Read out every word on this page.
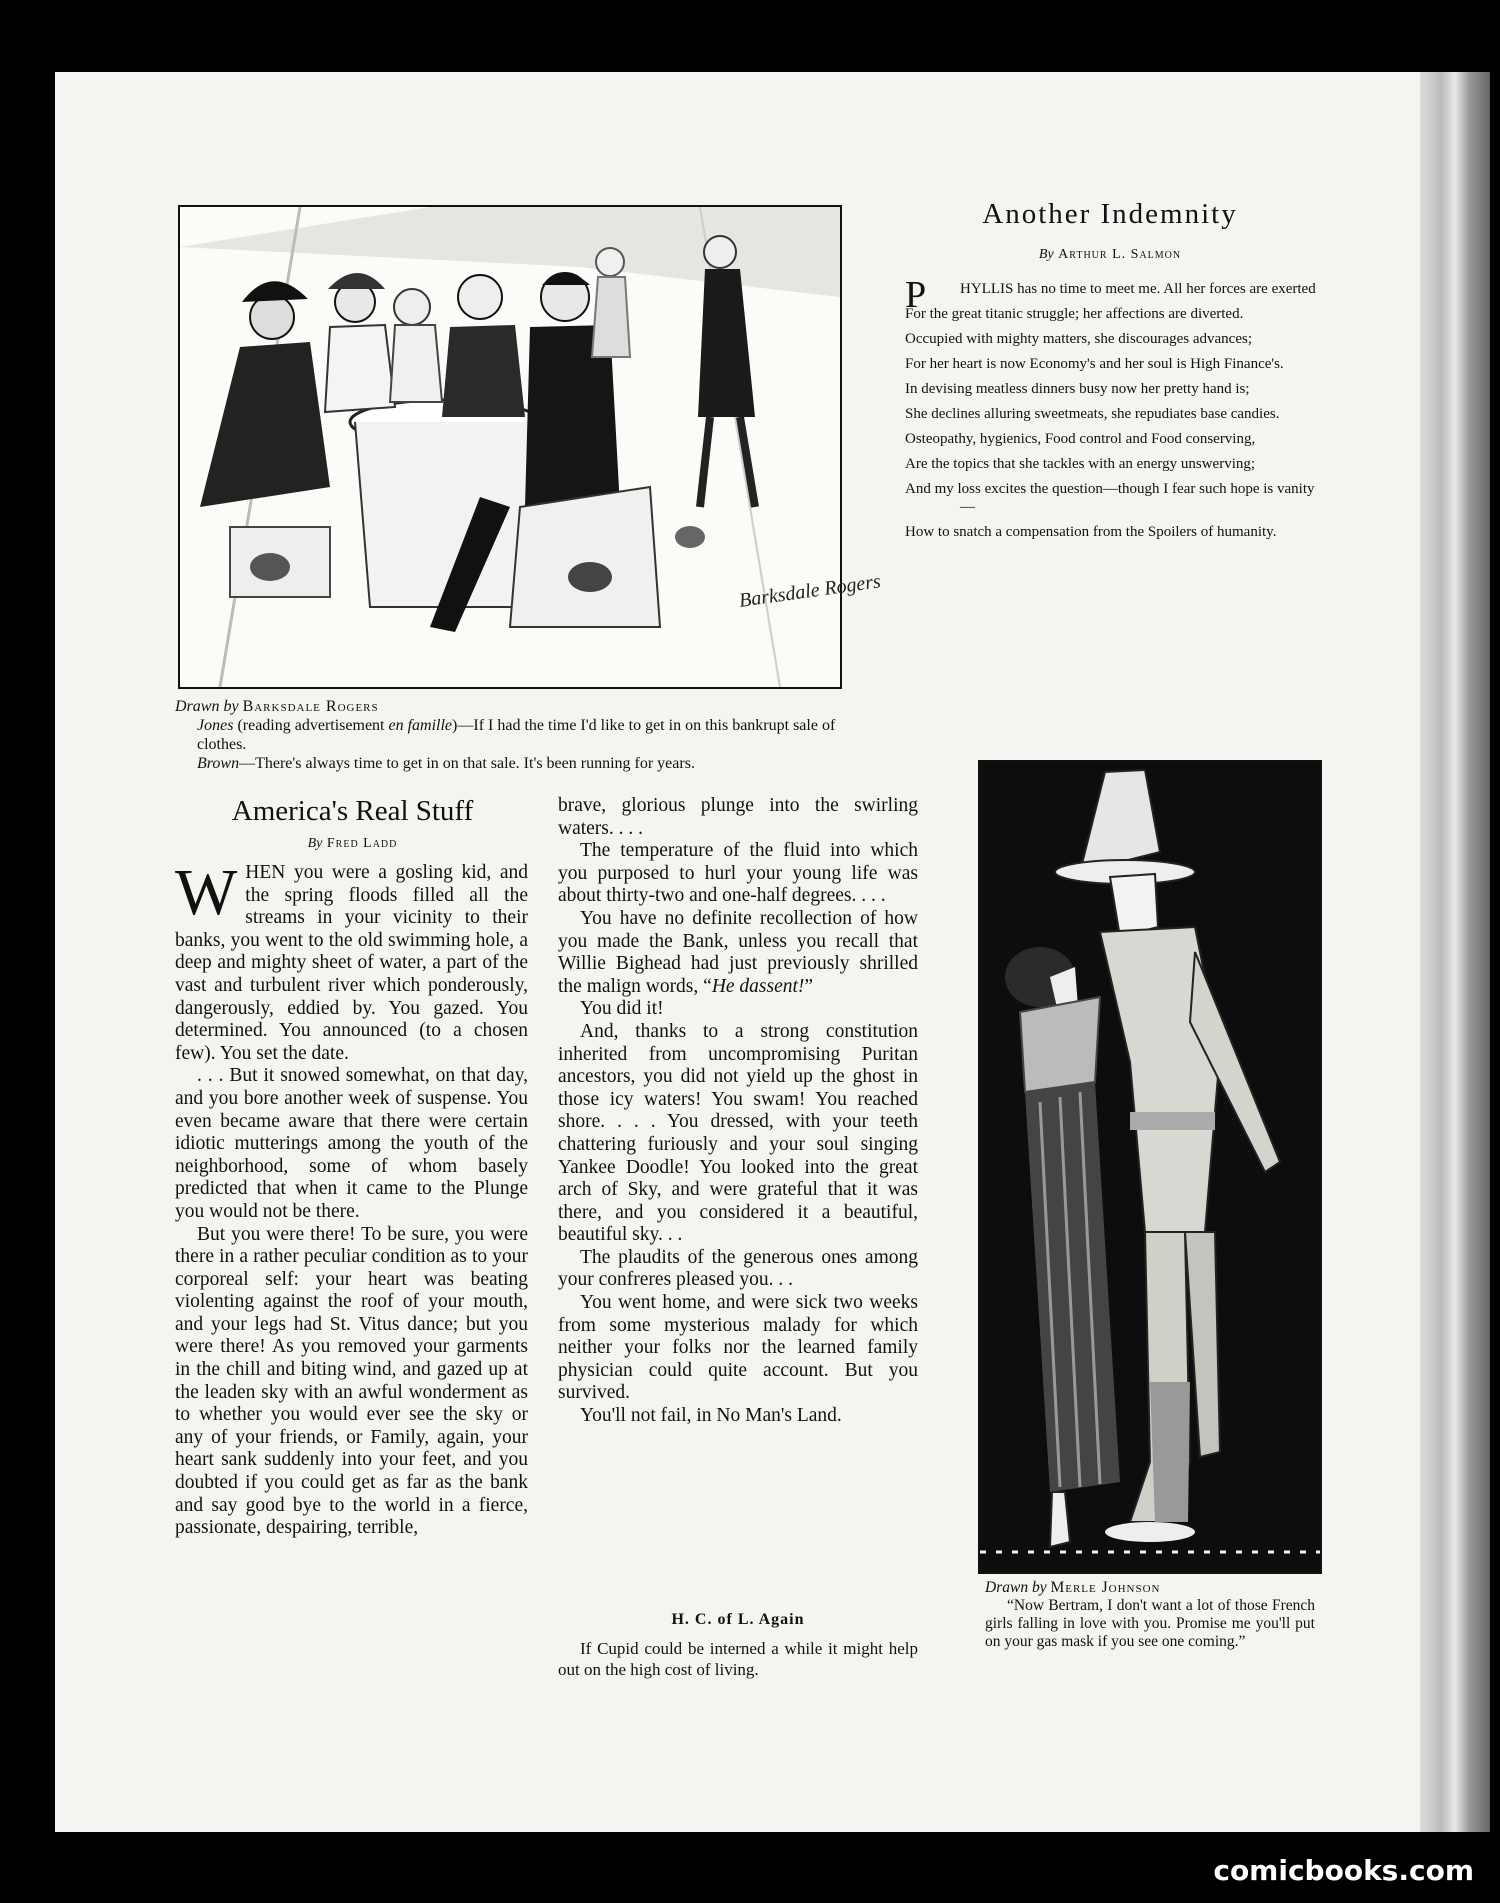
Barksdale Rogers
Drawn by Barksdale Rogers
Jones (reading advertisement en famille)—If I had the time I'd like to get in on this bankrupt sale of clothes.
Brown—There's always time to get in on that sale. It's been running for years.
Another Indemnity
By Arthur L. Salmon
P HYLLIS has no time to meet me. All her forces are exerted
For the great titanic struggle; her affections are diverted.
Occupied with mighty matters, she discourages advances;
For her heart is now Economy's and her soul is High Finance's.
In devising meatless dinners busy now her pretty hand is;
She declines alluring sweetmeats, she repudiates base candies.
Osteopathy, hygienics, Food control and Food conserving,
Are the topics that she tackles with an energy unswerving;
And my loss excites the question—though I fear such hope is vanity—
How to snatch a compensation from the Spoilers of humanity.
America's Real Stuff
By Fred Ladd

WHEN you were a gosling kid, and the spring floods filled all the streams in your vicinity to their banks, you went to the old swimming hole, a deep and mighty sheet of water, a part of the vast and turbulent river which ponderously, dangerously, eddied by. You gazed. You determined. You announced (to a chosen few). You set the date.

. . . But it snowed somewhat, on that day, and you bore another week of suspense. You even became aware that there were certain idiotic mutterings among the youth of the neighborhood, some of whom basely predicted that when it came to the Plunge you would not be there.

But you were there! To be sure, you were there in a rather peculiar condition as to your corporeal self: your heart was beating violenting against the roof of your mouth, and your legs had St. Vitus dance; but you were there! As you removed your garments in the chill and biting wind, and gazed up at the leaden sky with an awful wonderment as to whether you would ever see the sky or any of your friends, or Family, again, your heart sank suddenly into your feet, and you doubted if you could get as far as the bank and say good bye to the world in a fierce, passionate, despairing, terrible,

brave, glorious plunge into the swirling waters. . . .

The temperature of the fluid into which you purposed to hurl your young life was about thirty-two and one-half degrees. . . .

You have no definite recollection of how you made the Bank, unless you recall that Willie Bighead had just previously shrilled the malign words, “He dassent!”

You did it!

And, thanks to a strong constitution inherited from uncompromising Puritan ancestors, you did not yield up the ghost in those icy waters! You swam! You reached shore. . . . You dressed, with your teeth chattering furiously and your soul singing Yankee Doodle! You looked into the great arch of Sky, and were grateful that it was there, and you considered it a beautiful, beautiful sky. . .

The plaudits of the generous ones among your confreres pleased you. . .

You went home, and were sick two weeks from some mysterious malady for which neither your folks nor the learned family physician could quite account. But you survived.

You'll not fail, in No Man's Land.

H. C. of L. Again

If Cupid could be interned a while it might help out on the high cost of living.

Drawn by Merle Johnson
“Now Bertram, I don't want a lot of those French girls falling in love with you. Promise me you'll put on your gas mask if you see one coming.”
comicbooks.com
